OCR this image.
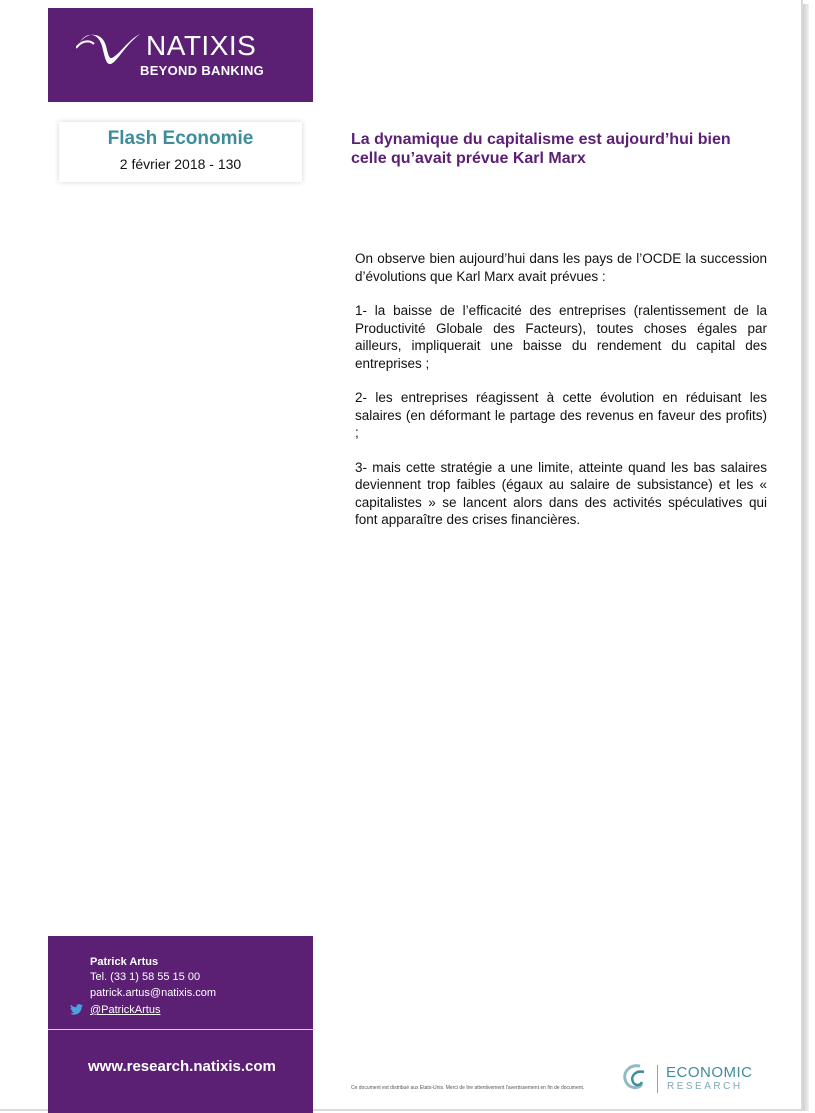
NATIXIS
BEYOND BANKING
Flash Economie
2 février 2018 - 130
La dynamique du capitalisme est aujourd’hui bien
celle qu’avait prévue Karl Marx

On observe bien aujourd’hui dans les pays de l’OCDE la succession d’évolutions que Karl Marx avait prévues :

1- la baisse de l’efficacité des entreprises (ralentissement de la Productivité Globale des Facteurs), toutes choses égales par ailleurs, impliquerait une baisse du rendement du capital des entreprises ;

2- les entreprises réagissent à cette évolution en réduisant les salaires (en déformant le partage des revenus en faveur des profits) ;

3- mais cette stratégie a une limite, atteinte quand les bas salaires deviennent trop faibles (égaux au salaire de subsistance) et les « capitalistes » se lancent alors dans des activités spéculatives qui font apparaître des crises financières.

Patrick Artus
Tel. (33 1) 58 55 15 00
patrick.artus@natixis.com
@PatrickArtus
www.research.natixis.com
Ce document est distribué aux Etats-Unis. Merci de lire attentivement l'avertissement en fin de document.
ECONOMIC
RESEARCH
